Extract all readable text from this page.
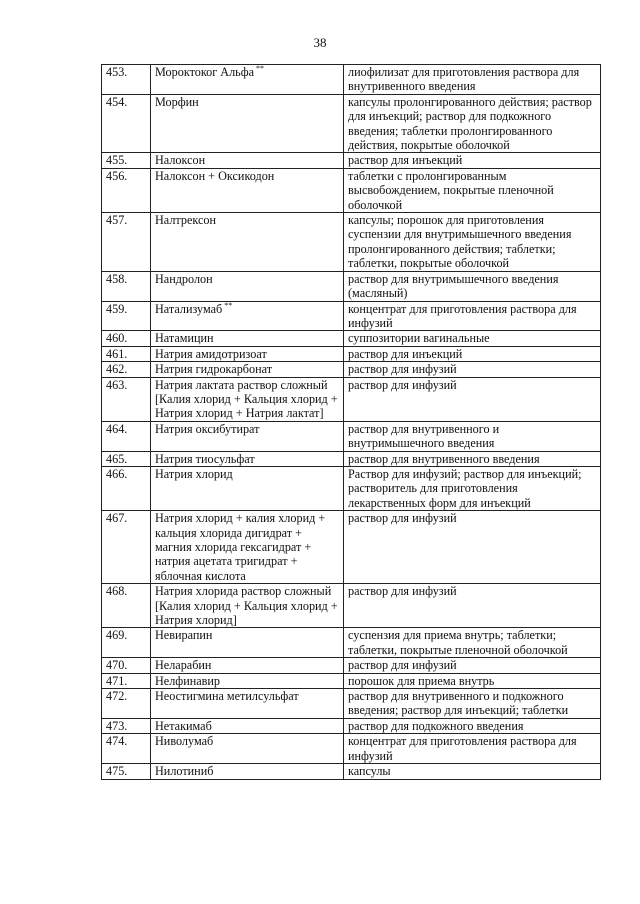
38
453.	Мороктоког Альфа **	лиофилизат для приготовления раствора для внутривенного введения
454.	Морфин	капсулы пролонгированного действия; раствор для инъекций; раствор для подкожного введения; таблетки пролонгированного действия, покрытые оболочкой
455.	Налоксон	раствор для инъекций
456.	Налоксон + Оксикодон	таблетки с пролонгированным высвобождением, покрытые пленочной оболочкой
457.	Налтрексон	капсулы; порошок для приготовления суспензии для внутримышечного введения пролонгированного действия; таблетки; таблетки, покрытые оболочкой
458.	Нандролон	раствор для внутримышечного введения (масляный)
459.	Натализумаб **	концентрат для приготовления раствора для инфузий
460.	Натамицин	суппозитории вагинальные
461.	Натрия амидотризоат	раствор для инъекций
462.	Натрия гидрокарбонат	раствор для инфузий
463.	Натрия лактата раствор сложный [Калия хлорид + Кальция хлорид + Натрия хлорид + Натрия лактат]	раствор для инфузий
464.	Натрия оксибутират	раствор для внутривенного и внутримышечного введения
465.	Натрия тиосульфат	раствор для внутривенного введения
466.	Натрия хлорид	Раствор для инфузий; раствор для инъекций; растворитель для приготовления лекарственных форм для инъекций
467.	Натрия хлорид + калия хлорид + кальция хлорида дигидрат + магния хлорида гексагидрат + натрия ацетата тригидрат + яблочная кислота	раствор для инфузий
468.	Натрия хлорида раствор сложный [Калия хлорид + Кальция хлорид + Натрия хлорид]	раствор для инфузий
469.	Невирапин	суспензия для приема внутрь; таблетки; таблетки, покрытые пленочной оболочкой
470.	Неларабин	раствор для инфузий
471.	Нелфинавир	порошок для приема внутрь
472.	Неостигмина метилсульфат	раствор для внутривенного и подкожного введения; раствор для инъекций; таблетки
473.	Нетакимаб	раствор для подкожного введения
474.	Ниволумаб	концентрат для приготовления раствора для инфузий
475.	Нилотиниб	капсулы
